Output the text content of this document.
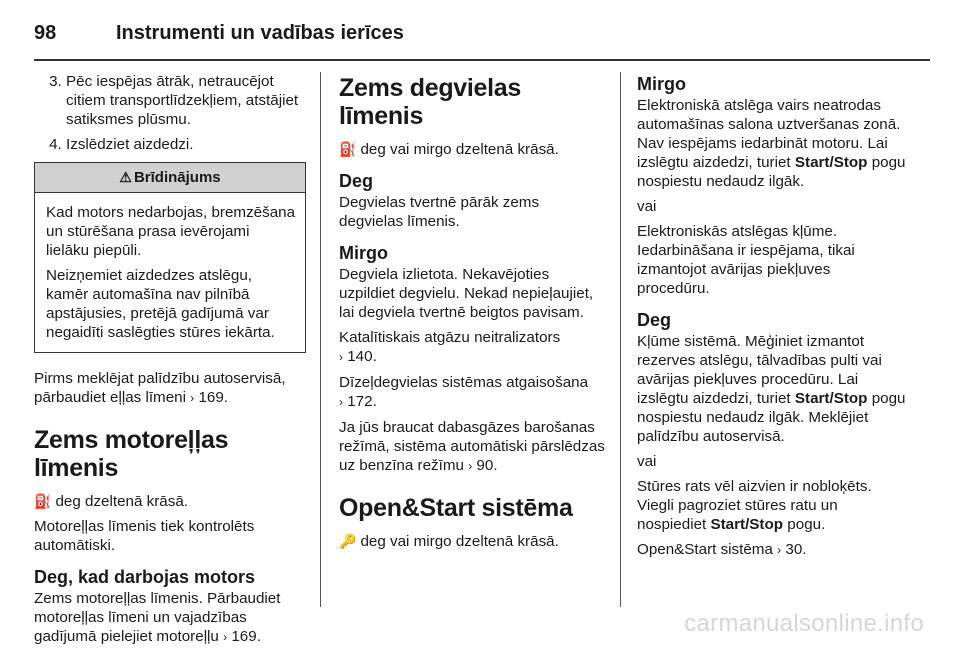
98	Instrumenti un vadības ierīces
3. Pēc iespējas ātrāk, netraucējot citiem transportlīdzekļiem, atstājiet satiksmes plūsmu.
4. Izslēdziet aizdedzi.
⚠ Brīdinājums

Kad motors nedarbojas, bremzēšana un stūrēšana prasa ievērojami lielāku piepūli.

Neizņemiet aizdedzes atslēgu, kamēr automašīna nav pilnībā apstājusies, pretējā gadījumā var negaidīti saslēgties stūres iekārta.

Pirms meklējat palīdzību autoservisā, pārbaudiet eļļas līmeni › 169.

Zems motoreļļas līmenis

⛽ deg dzeltenā krāsā.

Motoreļļas līmenis tiek kontrolēts automātiski.

Deg, kad darbojas motors

Zems motoreļļas līmenis. Pārbaudiet motoreļļas līmeni un vajadzības gadījumā pielejiet motoreļļu › 169.

Zems degvielas līmenis

⛽ deg vai mirgo dzeltenā krāsā.

Deg

Degvielas tvertnē pārāk zems degvielas līmenis.

Mirgo

Degviela izlietota. Nekavējoties uzpildiet degvielu. Nekad nepieļaujiet, lai degviela tvertnē beigtos pavisam.

Katalītiskais atgāzu neitralizators
› 140.

Dīzeļdegvielas sistēmas atgaisošana
› 172.

Ja jūs braucat dabasgāzes barošanas režīmā, sistēma automātiski pārslēdzas uz benzīna režīmu › 90.

Open&Start sistēma

🔑 deg vai mirgo dzeltenā krāsā.

Mirgo

Elektroniskā atslēga vairs neatrodas automašīnas salona uztveršanas zonā. Nav iespējams iedarbināt motoru. Lai izslēgtu aizdedzi, turiet Start/Stop pogu nospiestu nedaudz ilgāk.

vai

Elektroniskās atslēgas kļūme. Iedarbināšana ir iespējama, tikai izmantojot avārijas piekļuves procedūru.

Deg

Kļūme sistēmā. Mēģiniet izmantot rezerves atslēgu, tālvadības pulti vai avārijas piekļuves procedūru. Lai izslēgtu aizdedzi, turiet Start/Stop pogu nospiestu nedaudz ilgāk. Meklējiet palīdzību autoservisā.

vai

Stūres rats vēl aizvien ir nobloķēts. Viegli pagroziet stūres ratu un nospiediet Start/Stop pogu.

Open&Start sistēma › 30.

carmanualsonline.info
